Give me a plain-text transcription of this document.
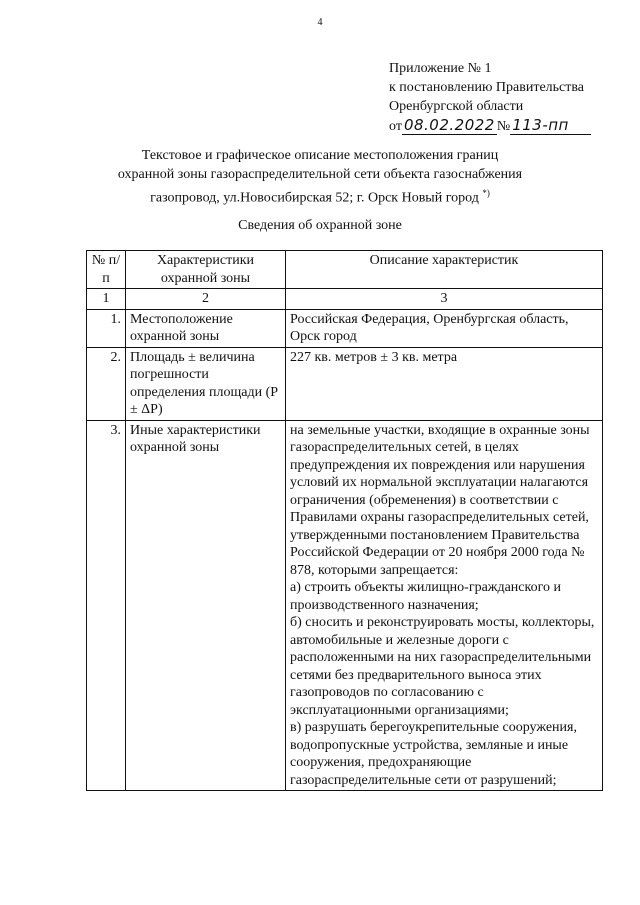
4
Приложение № 1
к постановлению Правительства
Оренбургской области
от 08.02.2022 № 113-пп
Текстовое и графическое описание местоположения границ
охранной зоны газораспределительной сети объекта газоснабжения
газопровод, ул.Новосибирская 52; г. Орск Новый город *)
Сведения об охранной зоне
№ п/п	Характеристики охранной зоны	Описание характеристик
1	2	3
1.	Местоположение охранной зоны	Российская Федерация, Оренбургская область, Орск город
2.	Площадь ± величина погрешности определения площади (Р ± ΔР)	227 кв. метров ± 3 кв. метра
3.	Иные характеристики охранной зоны	на земельные участки, входящие в охранные зоны газораспределительных сетей, в целях предупреждения их повреждения или нарушения условий их нормальной эксплуатации налагаются ограничения (обременения) в соответствии с Правилами охраны газораспределительных сетей, утвержденными постановлением Правительства Российской Федерации от 20 ноября 2000 года № 878, которыми запрещается:
а) строить объекты жилищно-гражданского и производственного назначения;
б) сносить и реконструировать мосты, коллекторы, автомобильные и железные дороги с расположенными на них газораспределительными сетями без предварительного выноса этих газопроводов по согласованию с эксплуатационными организациями;
в) разрушать берегоукрепительные сооружения, водопропускные устройства, земляные и иные сооружения, предохраняющие газораспределительные сети от разрушений;
